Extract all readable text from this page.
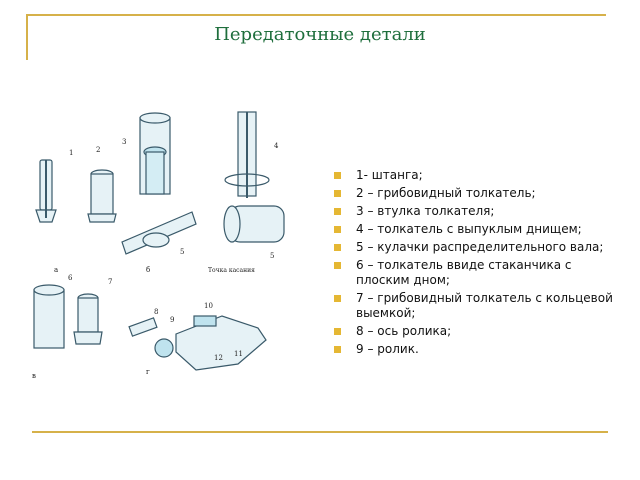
Передаточные детали
1	2
3	4
5	5
6	7
8
9
10
11
12
а	б
в	г
Точка касания
1- штанга;
2 – грибовидный толкатель;
3 – втулка толкателя;
4 – толкатель с выпуклым днищем;
5 – кулачки распределительного вала;
6 – толкатель ввиде стаканчика с плоским дном;
7 – грибовидный толкатель с кольцевой выемкой;
8 – ось ролика;
9 – ролик.
